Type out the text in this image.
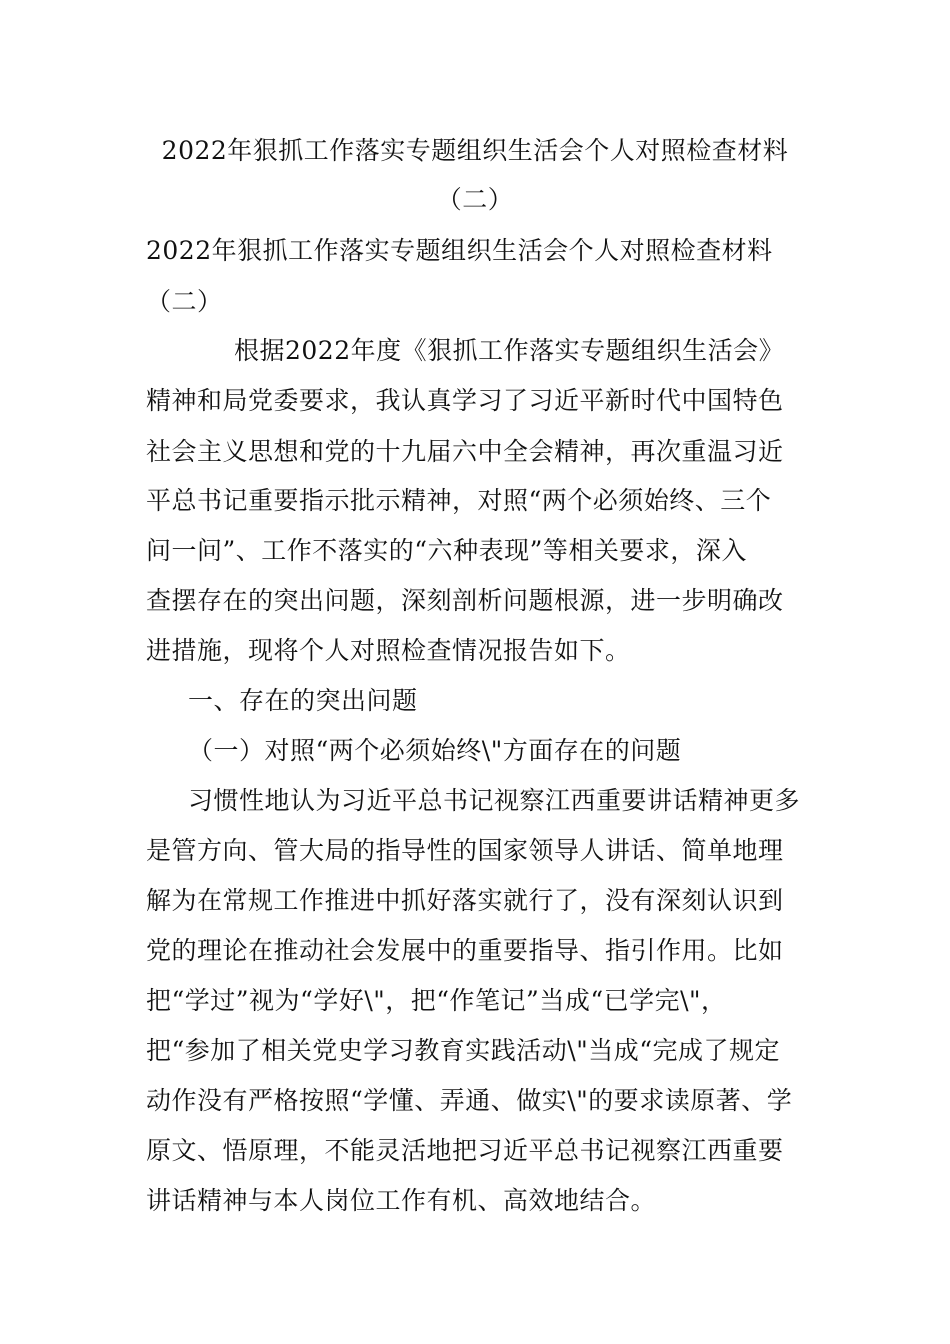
2022年狠抓工作落实专题组织生活会个人对照检查材料
（二）
2022年狠抓工作落实专题组织生活会个人对照检查材料
（二）
根据2022年度《狠抓工作落实专题组织生活会》
精神和局党委要求，我认真学习了习近平新时代中国特色
社会主义思想和党的十九届六中全会精神，再次重温习近
平总书记重要指示批示精神，对照“两个必须始终、三个
问一问”、工作不落实的“六种表现”等相关要求，深入
查摆存在的突出问题，深刻剖析问题根源，进一步明确改
进措施，现将个人对照检查情况报告如下。
一、存在的突出问题
（一）对照“两个必须始终\"方面存在的问题
习惯性地认为习近平总书记视察江西重要讲话精神更多
是管方向、管大局的指导性的国家领导人讲话、简单地理
解为在常规工作推进中抓好落实就行了，没有深刻认识到
党的理论在推动社会发展中的重要指导、指引作用。比如
把“学过”视为“学好\"，把“作笔记”当成“已学完\"，
把“参加了相关党史学习教育实践活动\"当成“完成了规定
动作没有严格按照“学懂、弄通、做实\"的要求读原著、学
原文、悟原理，不能灵活地把习近平总书记视察江西重要
讲话精神与本人岗位工作有机、高效地结合。
